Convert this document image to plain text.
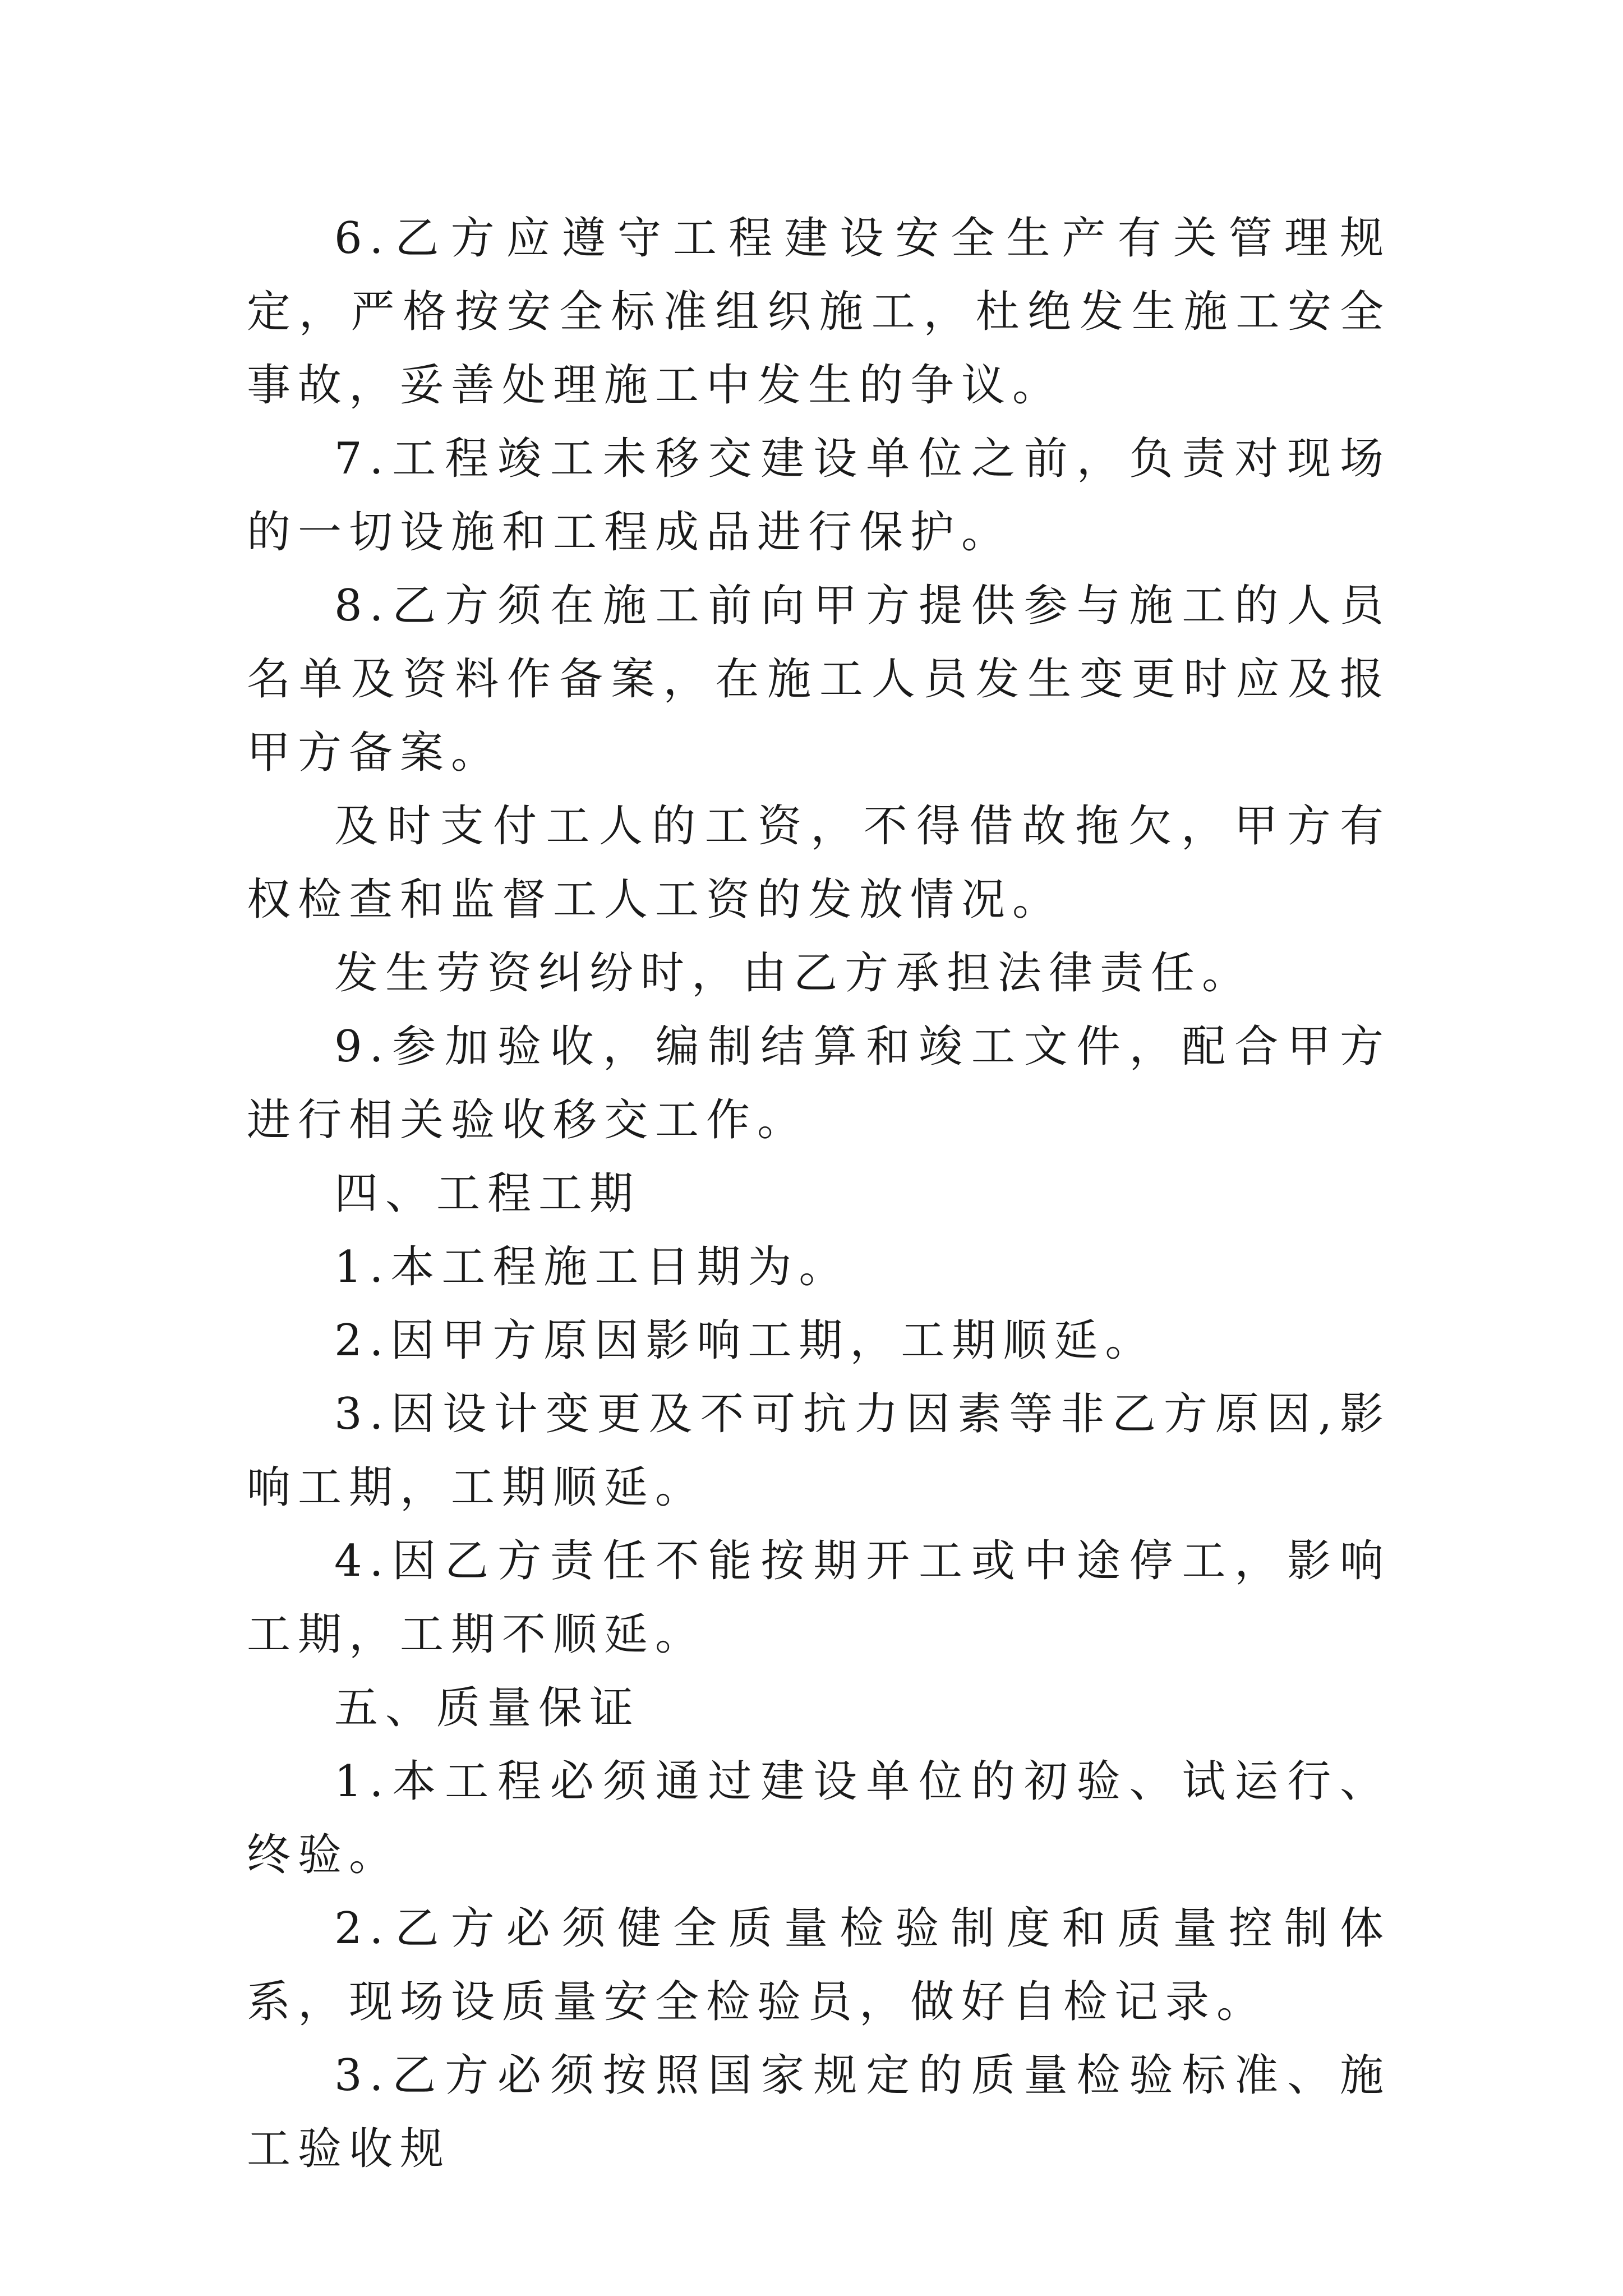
6.乙方应遵守工程建设安全生产有关管理规定，严格按安全标准组织施工，杜绝发生施工安全事故，妥善处理施工中发生的争议。

7.工程竣工未移交建设单位之前，负责对现场的一切设施和工程成品进行保护。

8.乙方须在施工前向甲方提供参与施工的人员名单及资料作备案，在施工人员发生变更时应及报甲方备案。

及时支付工人的工资，不得借故拖欠，甲方有权检查和监督工人工资的发放情况。

发生劳资纠纷时，由乙方承担法律责任。

9.参加验收，编制结算和竣工文件，配合甲方进行相关验收移交工作。

四、工程工期

1.本工程施工日期为。

2.因甲方原因影响工期，工期顺延。

3.因设计变更及不可抗力因素等非乙方原因,影响工期，工期顺延。

4.因乙方责任不能按期开工或中途停工，影响工期，工期不顺延。

五、质量保证

1.本工程必须通过建设单位的初验、试运行、终验。

2.乙方必须健全质量检验制度和质量控制体系，现场设质量安全检验员，做好自检记录。

3.乙方必须按照国家规定的质量检验标准、施工验收规
